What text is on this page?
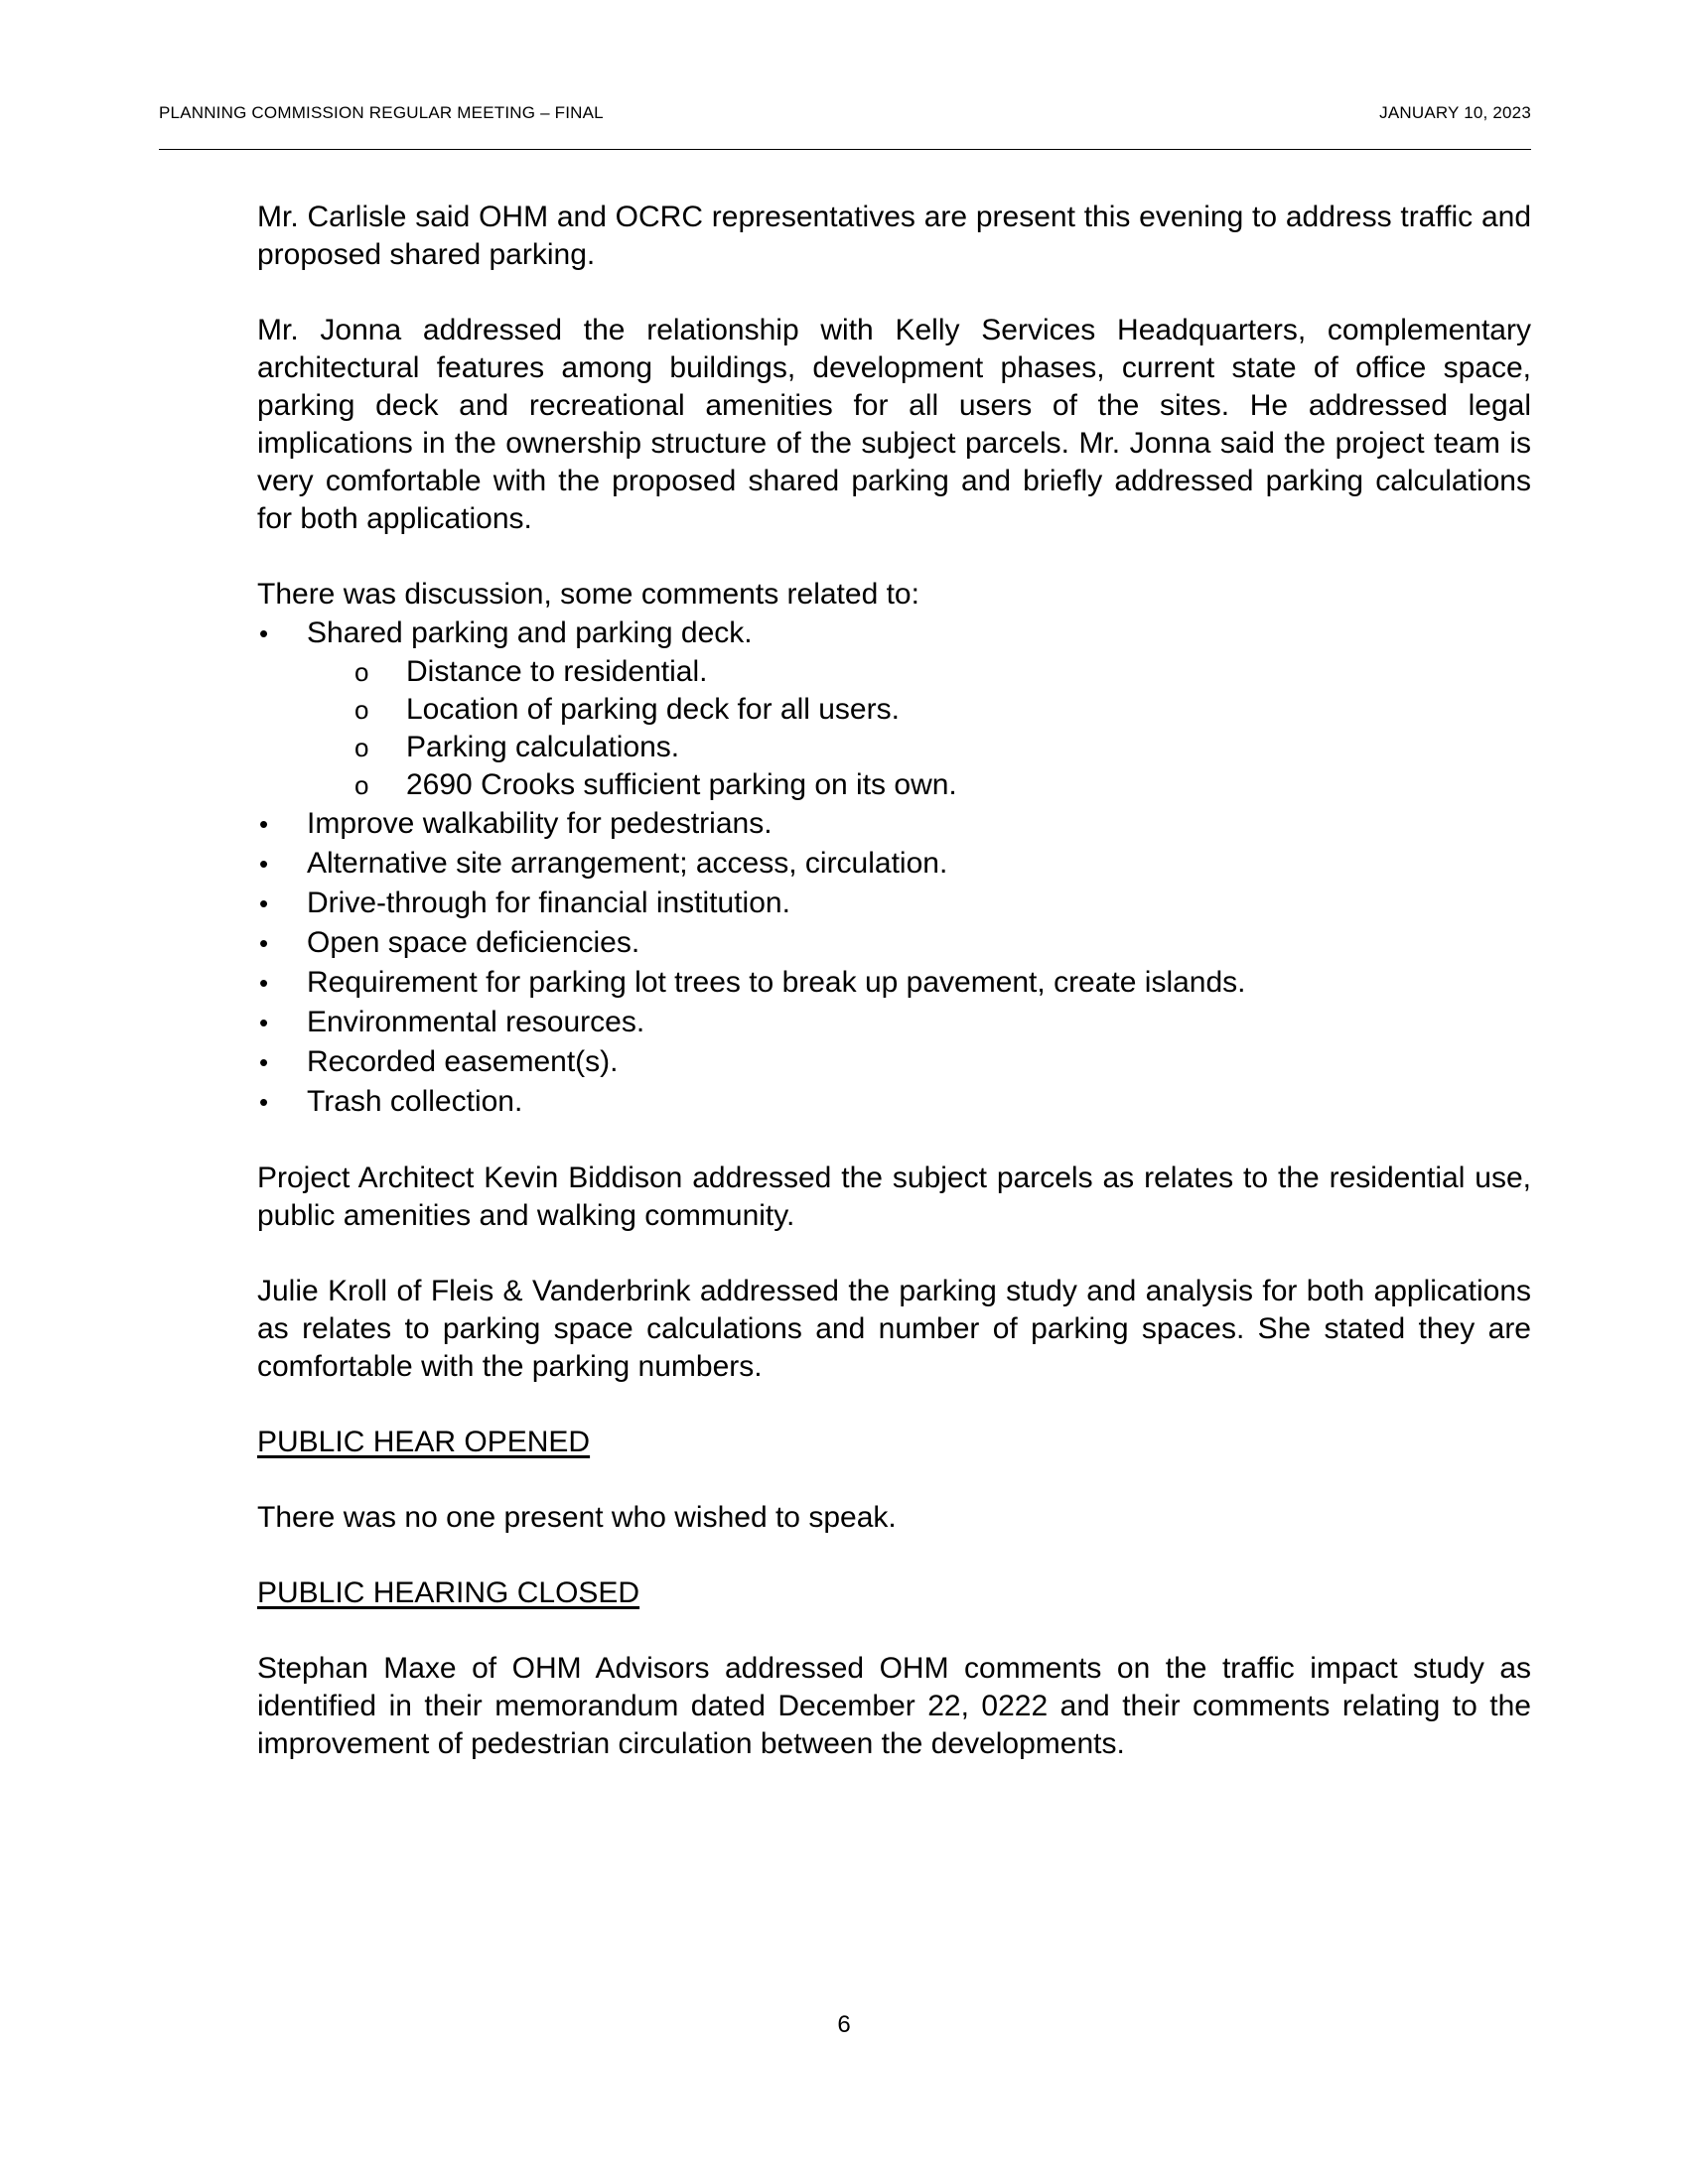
PLANNING COMMISSION REGULAR MEETING – FINAL	JANUARY 10, 2023

Mr. Carlisle said OHM and OCRC representatives are present this evening to address traffic and proposed shared parking.

Mr. Jonna addressed the relationship with Kelly Services Headquarters, complementary architectural features among buildings, development phases, current state of office space, parking deck and recreational amenities for all users of the sites. He addressed legal implications in the ownership structure of the subject parcels. Mr. Jonna said the project team is very comfortable with the proposed shared parking and briefly addressed parking calculations for both applications.

There was discussion, some comments related to:

• Shared parking and parking deck.
o Distance to residential.
o Location of parking deck for all users.
o Parking calculations.
o 2690 Crooks sufficient parking on its own.
• Improve walkability for pedestrians.
• Alternative site arrangement; access, circulation.
• Drive-through for financial institution.
• Open space deficiencies.
• Requirement for parking lot trees to break up pavement, create islands.
• Environmental resources.
• Recorded easement(s).
• Trash collection.

Project Architect Kevin Biddison addressed the subject parcels as relates to the residential use, public amenities and walking community.

Julie Kroll of Fleis & Vanderbrink addressed the parking study and analysis for both applications as relates to parking space calculations and number of parking spaces. She stated they are comfortable with the parking numbers.

PUBLIC HEAR OPENED

There was no one present who wished to speak.

PUBLIC HEARING CLOSED

Stephan Maxe of OHM Advisors addressed OHM comments on the traffic impact study as identified in their memorandum dated December 22, 0222 and their comments relating to the improvement of pedestrian circulation between the developments.

6
